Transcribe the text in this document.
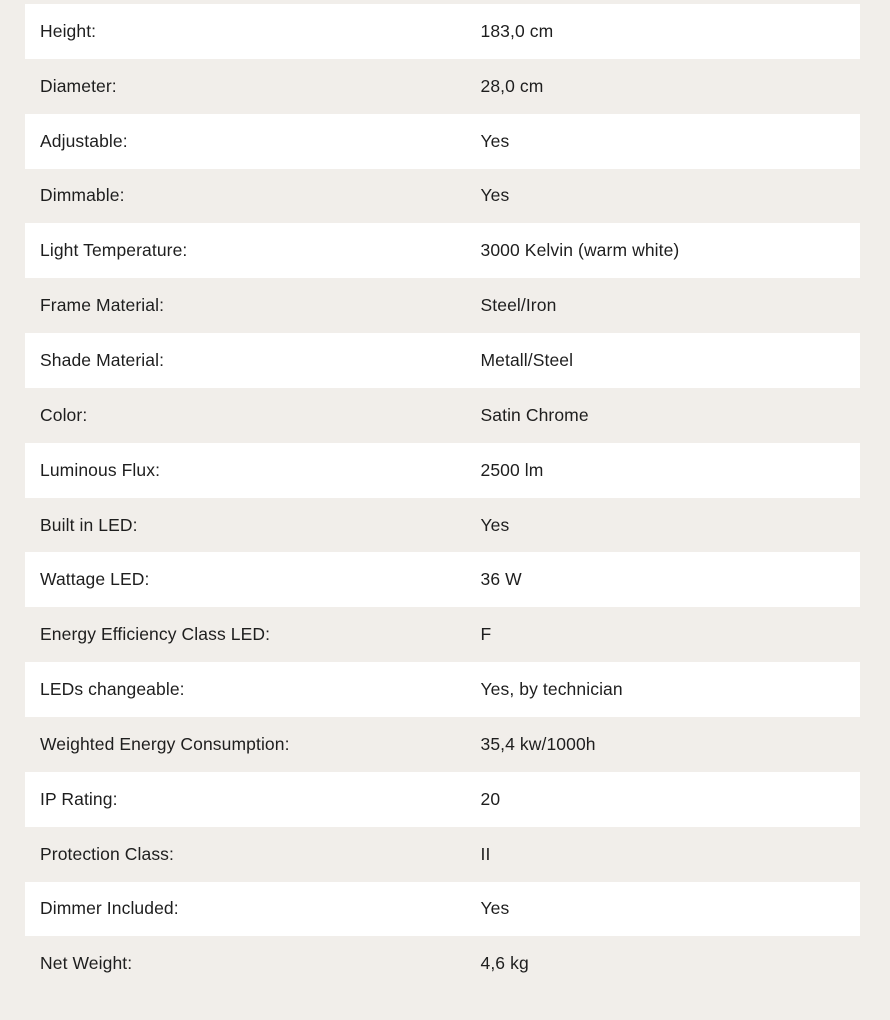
Height:	183,0 cm
Diameter:	28,0 cm
Adjustable:	Yes
Dimmable:	Yes
Light Temperature:	3000 Kelvin (warm white)
Frame Material:	Steel/Iron
Shade Material:	Metall/Steel
Color:	Satin Chrome
Luminous Flux:	2500 lm
Built in LED:	Yes
Wattage LED:	36 W
Energy Efficiency Class LED:	F
LEDs changeable:	Yes, by technician
Weighted Energy Consumption:	35,4 kw/1000h
IP Rating:	20
Protection Class:	II
Dimmer Included:	Yes
Net Weight:	4,6 kg
